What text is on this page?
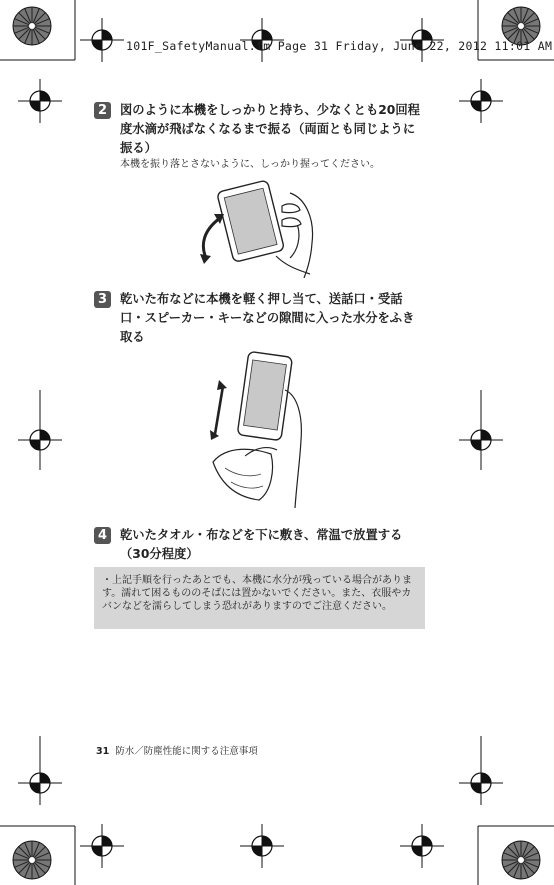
101F_SafetyManual.fm Page 31 Friday, June 22, 2012 11:01 AM
2	図のように本機をしっかりと持ち、少なくとも20回程度水滴が飛ばなくなるまで振る（両面とも同じように振る）
本機を振り落とさないように、しっかり握ってください。
3	乾いた布などに本機を軽く押し当て、送話口・受話口・スピーカー・キーなどの隙間に入った水分をふき取る
4	乾いたタオル・布などを下に敷き、常温で放置する（30分程度）
・上記手順を行ったあとでも、本機に水分が残っている場合があります。濡れて困るもののそばには置かないでください。また、衣服やカバンなどを濡らしてしまう恐れがありますのでご注意ください。
31 防水／防塵性能に関する注意事項
